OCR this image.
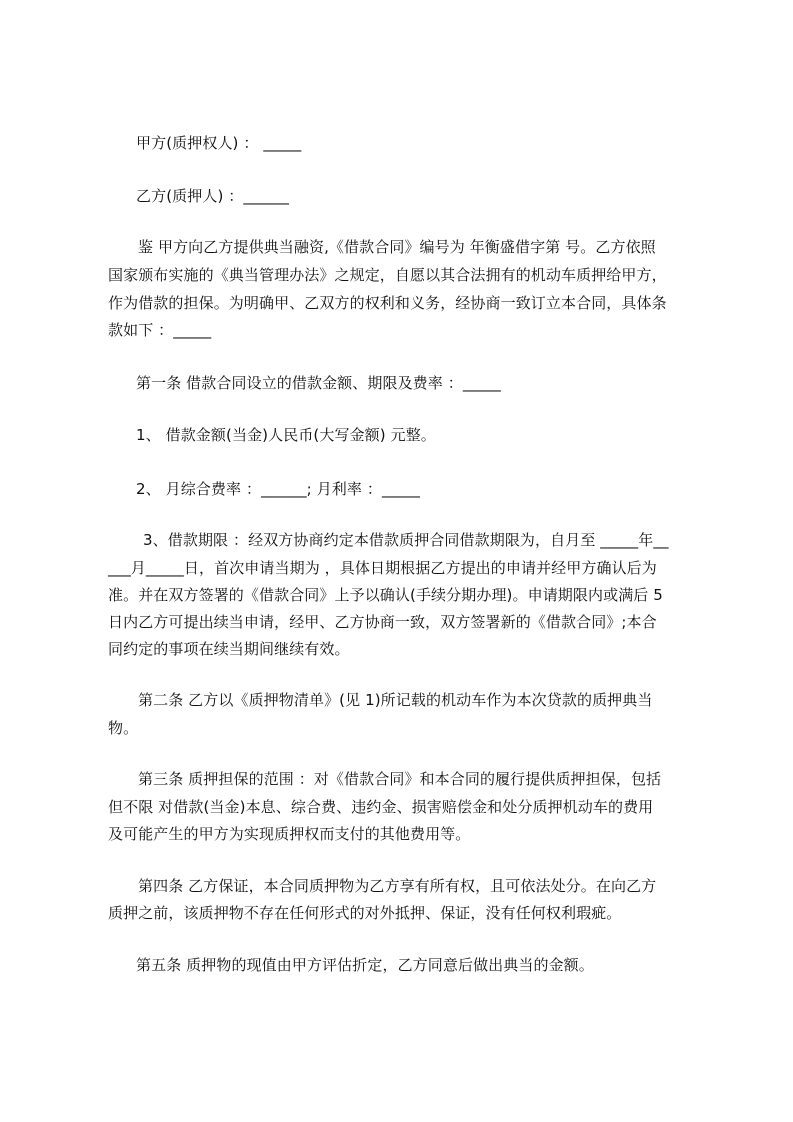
甲方(质押权人) ： _____
乙方(质押人) ：______
鉴 甲方向乙方提供典当融资,《借款合同》编号为 年衡盛借字第 号。乙方依照
国家颁布实施的《典当管理办法》之规定，自愿以其合法拥有的机动车质押给甲方，
作为借款的担保。为明确甲、乙双方的权利和义务，经协商一致订立本合同，具体条
款如下 ：_____
第一条 借款合同设立的借款金额、期限及费率 ：_____
1、 借款金额(当金)人民币(大写金额) 元整。
2、 月综合费率 ：______; 月利率 ：_____
3、借款期限 ：经双方协商约定本借款质押合同借款期限为，自月至 _____年__
___月_____日，首次申请当期为 ，具体日期根据乙方提出的申请并经甲方确认后为
准。并在双方签署的《借款合同》上予以确认(手续分期办理)。申请期限内或满后 5
日内乙方可提出续当申请，经甲、乙方协商一致，双方签署新的《借款合同》;本合
同约定的事项在续当期间继续有效。
第二条 乙方以《质押物清单》(见 1)所记载的机动车作为本次贷款的质押典当
物。
第三条 质押担保的范围 ：对《借款合同》和本合同的履行提供质押担保，包括
但不限 对借款(当金)本息、综合费、违约金、损害赔偿金和处分质押机动车的费用
及可能产生的甲方为实现质押权而支付的其他费用等。
第四条 乙方保证，本合同质押物为乙方享有所有权，且可依法处分。在向乙方
质押之前，该质押物不存在任何形式的对外抵押、保证，没有任何权利瑕疵。
第五条 质押物的现值由甲方评估折定，乙方同意后做出典当的金额。
